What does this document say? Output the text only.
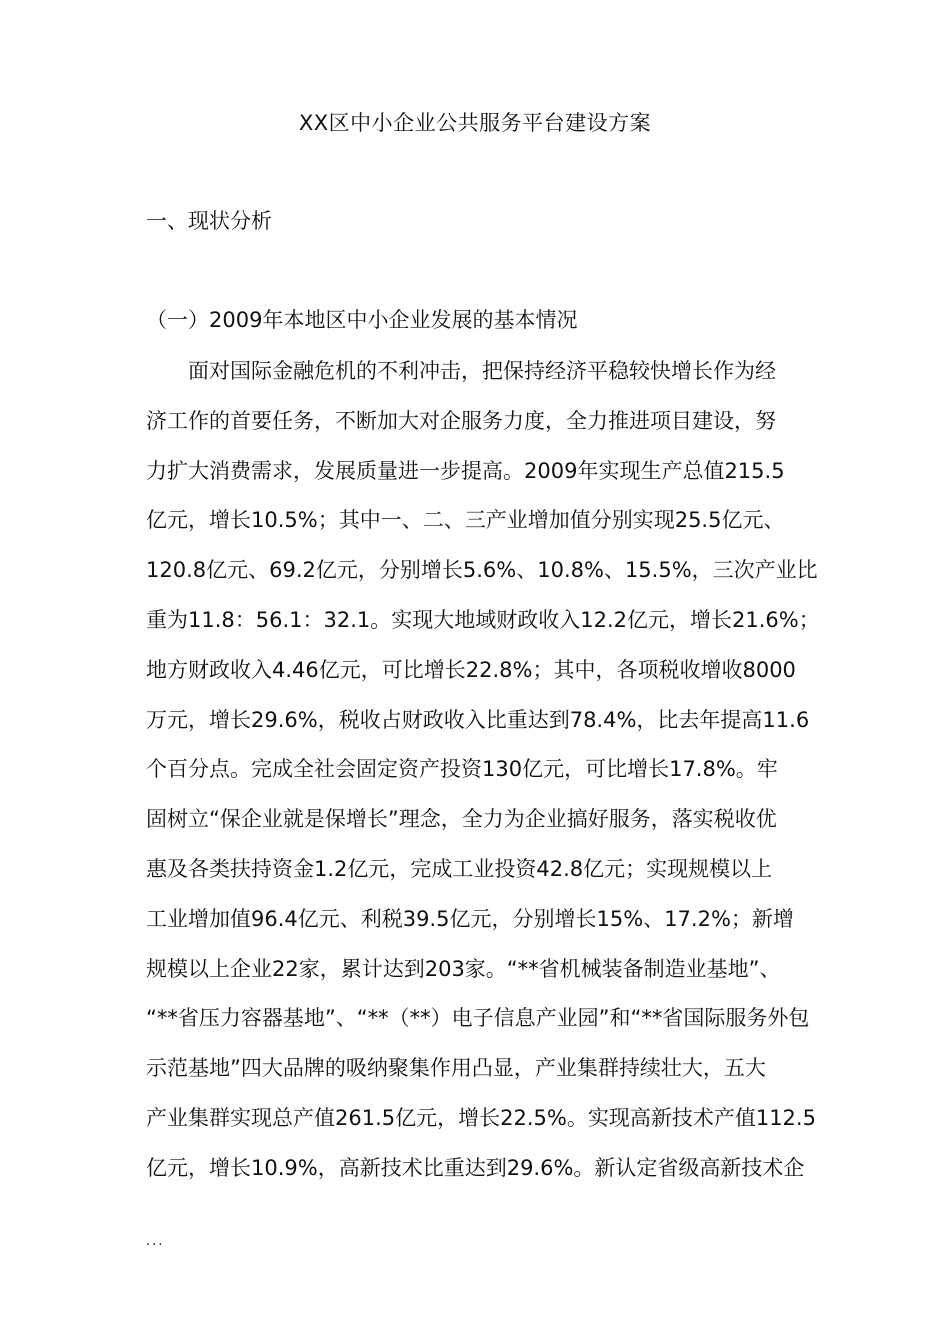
XX区中小企业公共服务平台建设方案
一、现状分析
（一）2009年本地区中小企业发展的基本情况
面对国际金融危机的不利冲击，把保持经济平稳较快增长作为经
济工作的首要任务，不断加大对企服务力度，全力推进项目建设，努
力扩大消费需求，发展质量进一步提高。2009年实现生产总值215.5
亿元，增长10.5%；其中一、二、三产业增加值分别实现25.5亿元、
120.8亿元、69.2亿元，分别增长5.6%、10.8%、15.5%，三次产业比
重为11.8：56.1：32.1。实现大地域财政收入12.2亿元，增长21.6%；
地方财政收入4.46亿元，可比增长22.8%；其中，各项税收增收8000
万元，增长29.6%，税收占财政收入比重达到78.4%，比去年提高11.6
个百分点。完成全社会固定资产投资130亿元，可比增长17.8%。牢
固树立“保企业就是保增长”理念，全力为企业搞好服务，落实税收优
惠及各类扶持资金1.2亿元，完成工业投资42.8亿元；实现规模以上
工业增加值96.4亿元、利税39.5亿元，分别增长15%、17.2%；新增
规模以上企业22家，累计达到203家。“**省机械装备制造业基地”、
“**省压力容器基地”、“**（**）电子信息产业园”和“**省国际服务外包
示范基地”四大品牌的吸纳聚集作用凸显，产业集群持续壮大，五大
产业集群实现总产值261.5亿元，增长22.5%。实现高新技术产值112.5
亿元，增长10.9%，高新技术比重达到29.6%。新认定省级高新技术企
...
